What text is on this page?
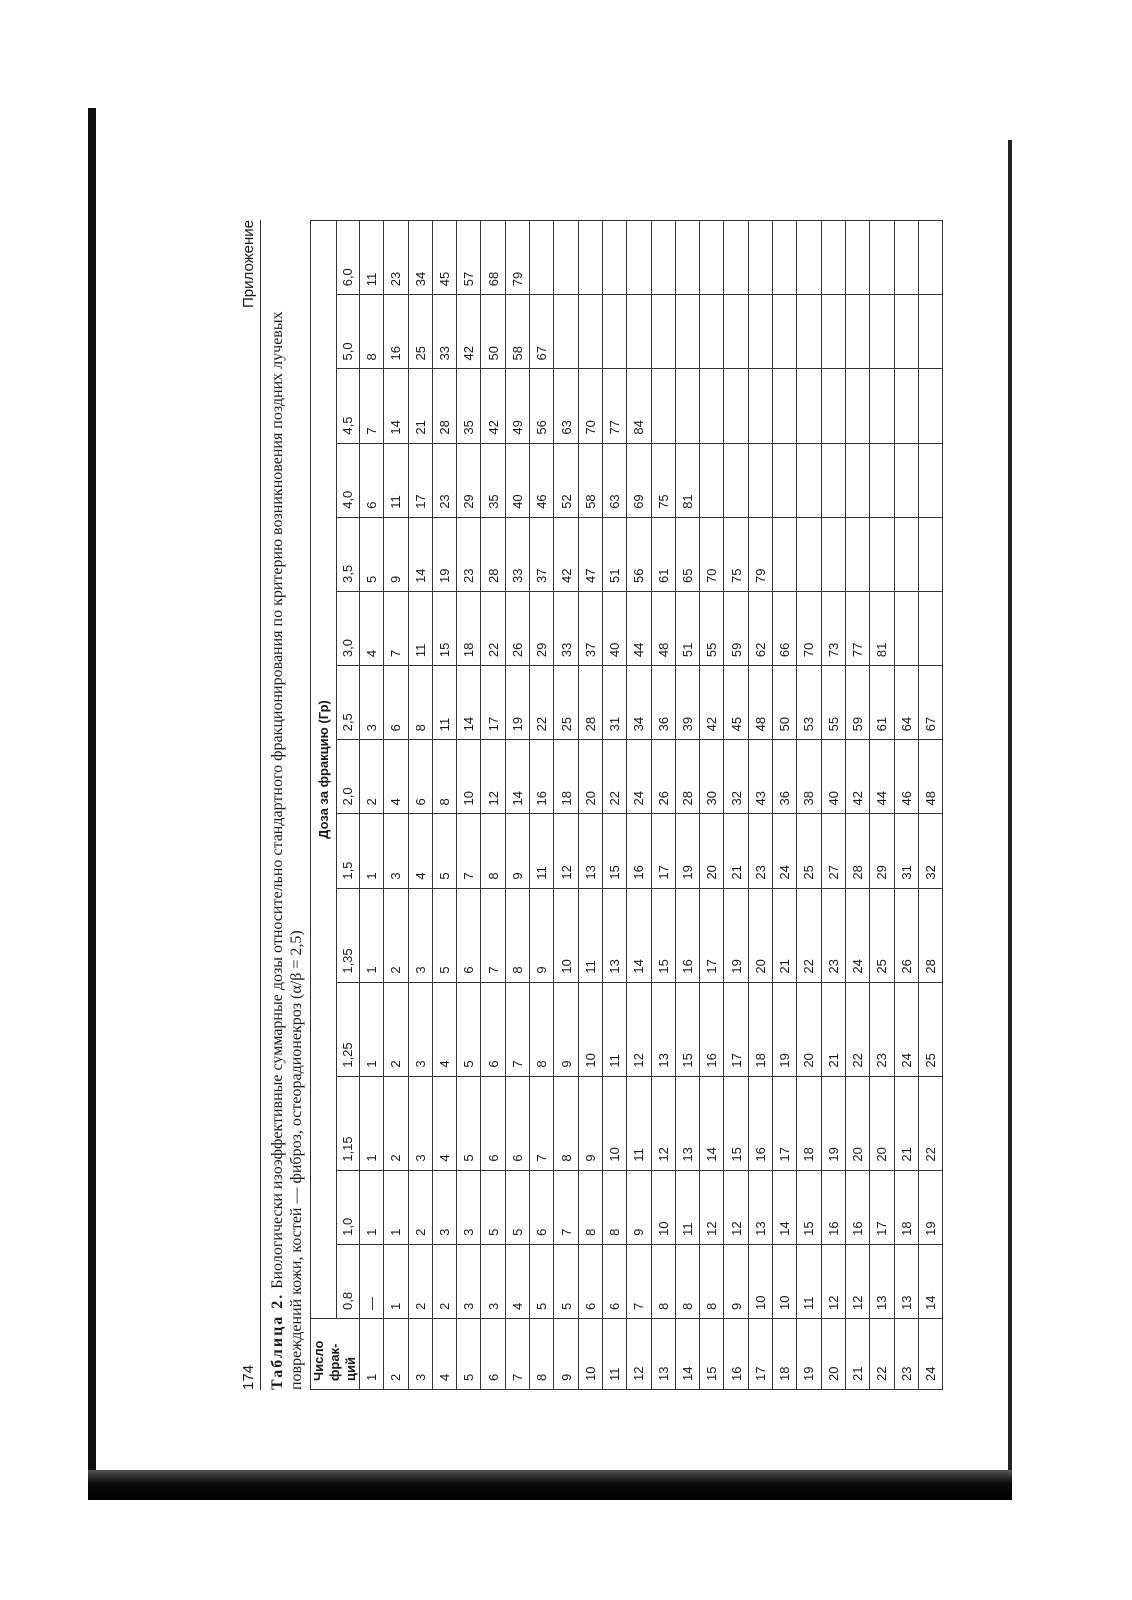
174
Приложение
Таблица 2. Биологически изоэффективные суммарные дозы относительно стандартного фракционирования по критерию возникновения поздних лучевых повреждений кожи, костей — фиброз, остеорадионекроз (α/β = 2,5) Число
фрак-
ций	Доза за фракцию (Гр)													
	0,8	1,0	1,15	1,25	1,35	1,5	2,0	2,5	3,0	3,5	4,0	4,5	5,0	6,0
1	—	1	1	1	1	1	2	3	4	5	6	7	8	11
2	1	1	2	2	2	3	4	6	7	9	11	14	16	23
3	2	2	3	3	3	4	6	8	11	14	17	21	25	34
4	2	3	4	4	5	5	8	11	15	19	23	28	33	45
5	3	3	5	5	6	7	10	14	18	23	29	35	42	57
6	3	5	6	6	7	8	12	17	22	28	35	42	50	68
7	4	5	6	7	8	9	14	19	26	33	40	49	58	79
8	5	6	7	8	9	11	16	22	29	37	46	56	67	
9	5	7	8	9	10	12	18	25	33	42	52	63		
10	6	8	9	10	11	13	20	28	37	47	58	70		
11	6	8	10	11	13	15	22	31	40	51	63	77		
12	7	9	11	12	14	16	24	34	44	56	69	84		
13	8	10	12	13	15	17	26	36	48	61	75			
14	8	11	13	15	16	19	28	39	51	65	81			
15	8	12	14	16	17	20	30	42	55	70				
16	9	12	15	17	19	21	32	45	59	75				
17	10	13	16	18	20	23	43	48	62	79				
18	10	14	17	19	21	24	36	50	66					
19	11	15	18	20	22	25	38	53	70					
20	12	16	19	21	23	27	40	55	73					
21	12	16	20	22	24	28	42	59	77					
22	13	17	20	23	25	29	44	61	81					
23	13	18	21	24	26	31	46	64						
24	14	19	22	25	28	32	48	67						
